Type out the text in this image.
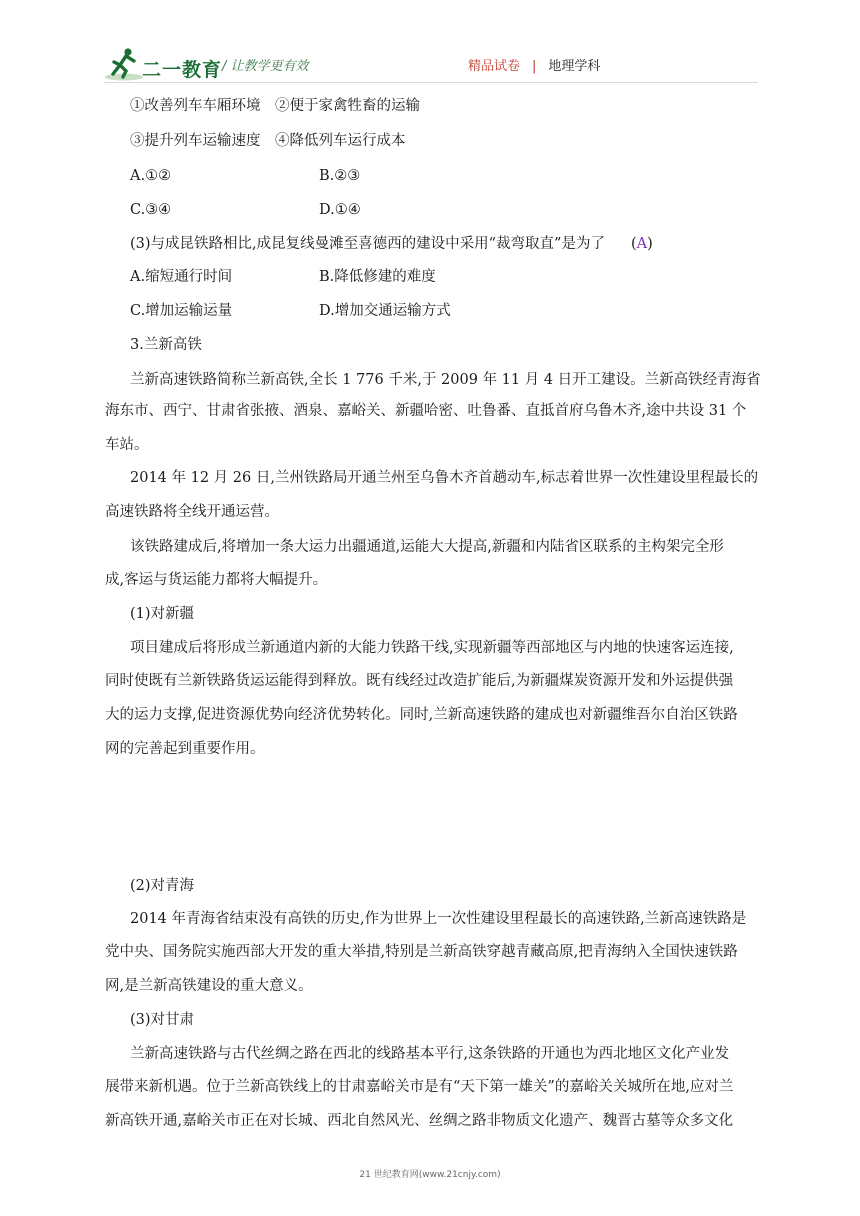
二一教育 / 让教学更有效	精品试卷 | 地理学科
①改善列车车厢环境　②便于家禽牲畜的运输
③提升列车运输速度　④降低列车运行成本
A.①②	B.②③
C.③④	D.①④
(3)与成昆铁路相比,成昆复线曼滩至喜德西的建设中采用“裁弯取直”是为了 (A)
A.缩短通行时间	B.降低修建的难度
C.增加运输运量	D.增加交通运输方式
3.兰新高铁
兰新高速铁路简称兰新高铁,全长 1 776 千米,于 2009 年 11 月 4 日开工建设。兰新高铁经青海省
海东市、西宁、甘肃省张掖、酒泉、嘉峪关、新疆哈密、吐鲁番、直抵首府乌鲁木齐,途中共设 31 个
车站。
2014 年 12 月 26 日,兰州铁路局开通兰州至乌鲁木齐首趟动车,标志着世界一次性建设里程最长的
高速铁路将全线开通运营。
该铁路建成后,将增加一条大运力出疆通道,运能大大提高,新疆和内陆省区联系的主构架完全形
成,客运与货运能力都将大幅提升。
(1)对新疆
项目建成后将形成兰新通道内新的大能力铁路干线,实现新疆等西部地区与内地的快速客运连接,
同时使既有兰新铁路货运运能得到释放。既有线经过改造扩能后,为新疆煤炭资源开发和外运提供强
大的运力支撑,促进资源优势向经济优势转化。同时,兰新高速铁路的建成也对新疆维吾尔自治区铁路
网的完善起到重要作用。
(2)对青海
2014 年青海省结束没有高铁的历史,作为世界上一次性建设里程最长的高速铁路,兰新高速铁路是
党中央、国务院实施西部大开发的重大举措,特别是兰新高铁穿越青藏高原,把青海纳入全国快速铁路
网,是兰新高铁建设的重大意义。
(3)对甘肃
兰新高速铁路与古代丝绸之路在西北的线路基本平行,这条铁路的开通也为西北地区文化产业发
展带来新机遇。位于兰新高铁线上的甘肃嘉峪关市是有“天下第一雄关”的嘉峪关关城所在地,应对兰
新高铁开通,嘉峪关市正在对长城、西北自然风光、丝绸之路非物质文化遗产、魏晋古墓等众多文化
21 世纪教育网(www.21cnjy.com)
